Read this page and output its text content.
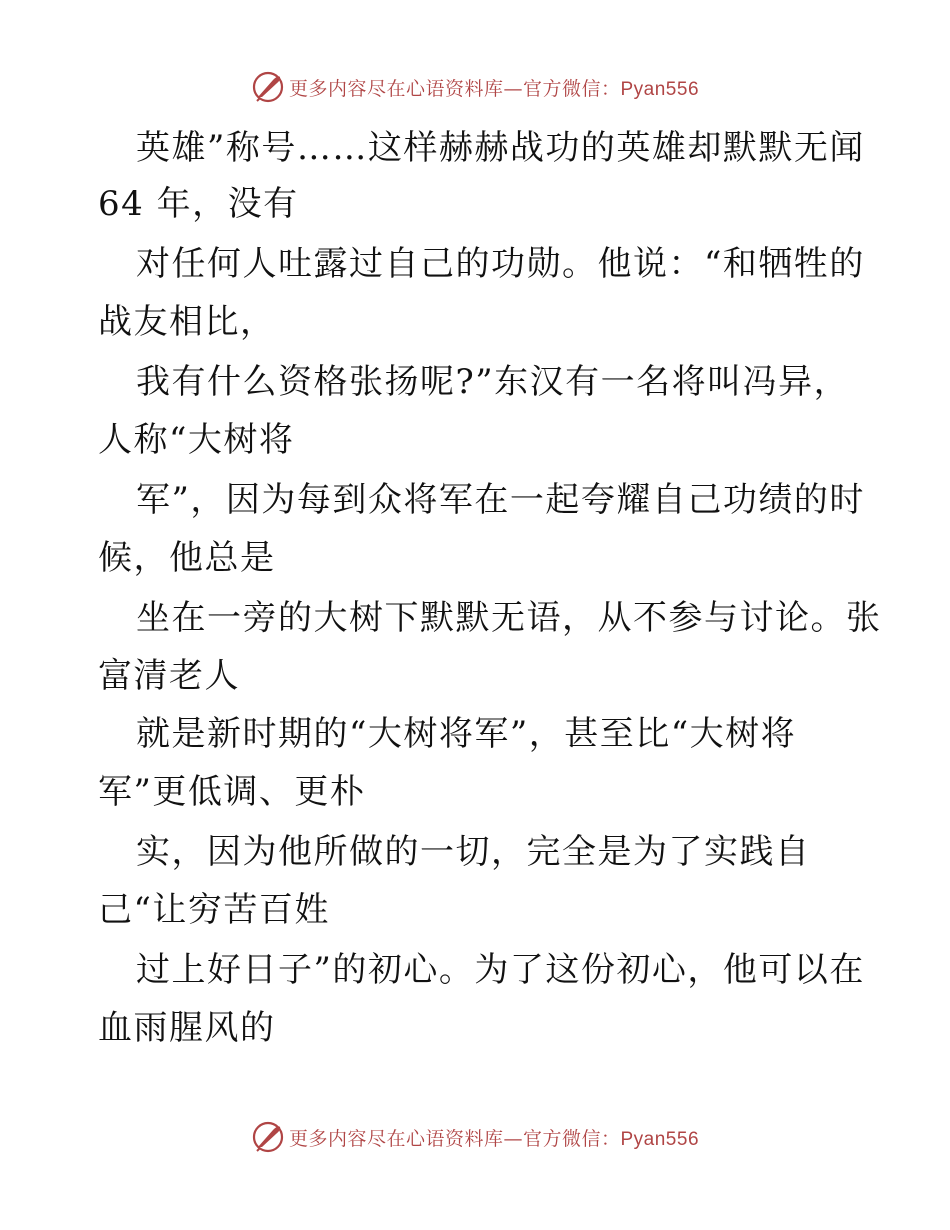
更多内容尽在心语资料库—官方微信：Pyan556
英雄”称号……这样赫赫战功的英雄却默默无闻
64 年，没有
对任何人吐露过自己的功勋。他说：“和牺牲的
战友相比，
我有什么资格张扬呢?”东汉有一名将叫冯异，
人称“大树将
军”，因为每到众将军在一起夸耀自己功绩的时
候，他总是
坐在一旁的大树下默默无语，从不参与讨论。张
富清老人
就是新时期的“大树将军”，甚至比“大树将
军”更低调、更朴
实，因为他所做的一切，完全是为了实践自
己“让穷苦百姓
过上好日子”的初心。为了这份初心，他可以在
血雨腥风的
更多内容尽在心语资料库—官方微信：Pyan556
